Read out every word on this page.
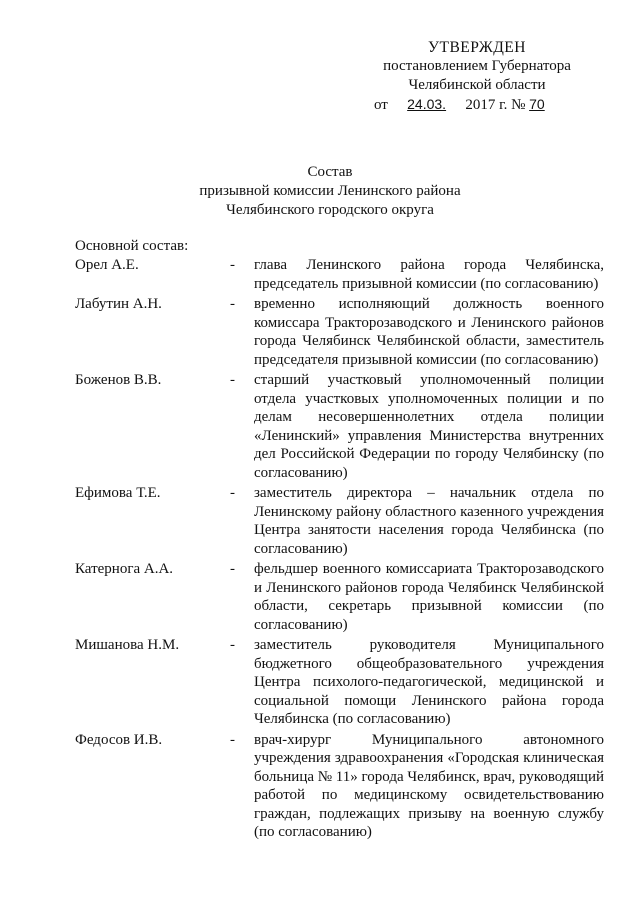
УТВЕРЖДЕН
постановлением Губернатора
Челябинской области
от 24.03. 2017 г. № 70
Состав
призывной комиссии Ленинского района
Челябинского городского округа
Основной состав:
Орел А.Е.	-	глава Ленинского района города Челябинска, председатель призывной комиссии (по согласованию)
Лабутин А.Н.	-	временно исполняющий должность военного комиссара Тракторозаводского и Ленинского районов города Челябинск Челябинской области, заместитель председателя призывной комиссии (по согласованию)
Боженов В.В.	-	старший участковый уполномоченный полиции отдела участковых уполномоченных полиции и по делам несовершеннолетних отдела полиции «Ленинский» управления Министерства внутренних дел Российской Федерации по городу Челябинску (по согласованию)
Ефимова Т.Е.	-	заместитель директора – начальник отдела по Ленинскому району областного казенного учреждения Центра занятости населения города Челябинска (по согласованию)
Катернога А.А.	-	фельдшер военного комиссариата Тракторозаводского и Ленинского районов города Челябинск Челябинской области, секретарь призывной комиссии (по согласованию)
Мишанова Н.М.	-	заместитель руководителя Муниципального бюджетного общеобразовательного учреждения Центра психолого-педагогической, медицинской и социальной помощи Ленинского района города Челябинска (по согласованию)
Федосов И.В.	-	врач-хирург Муниципального автономного учреждения здравоохранения «Городская клиническая больница № 11» города Челябинск, врач, руководящий работой по медицинскому освидетельствованию граждан, подлежащих призыву на военную службу (по согласованию)
